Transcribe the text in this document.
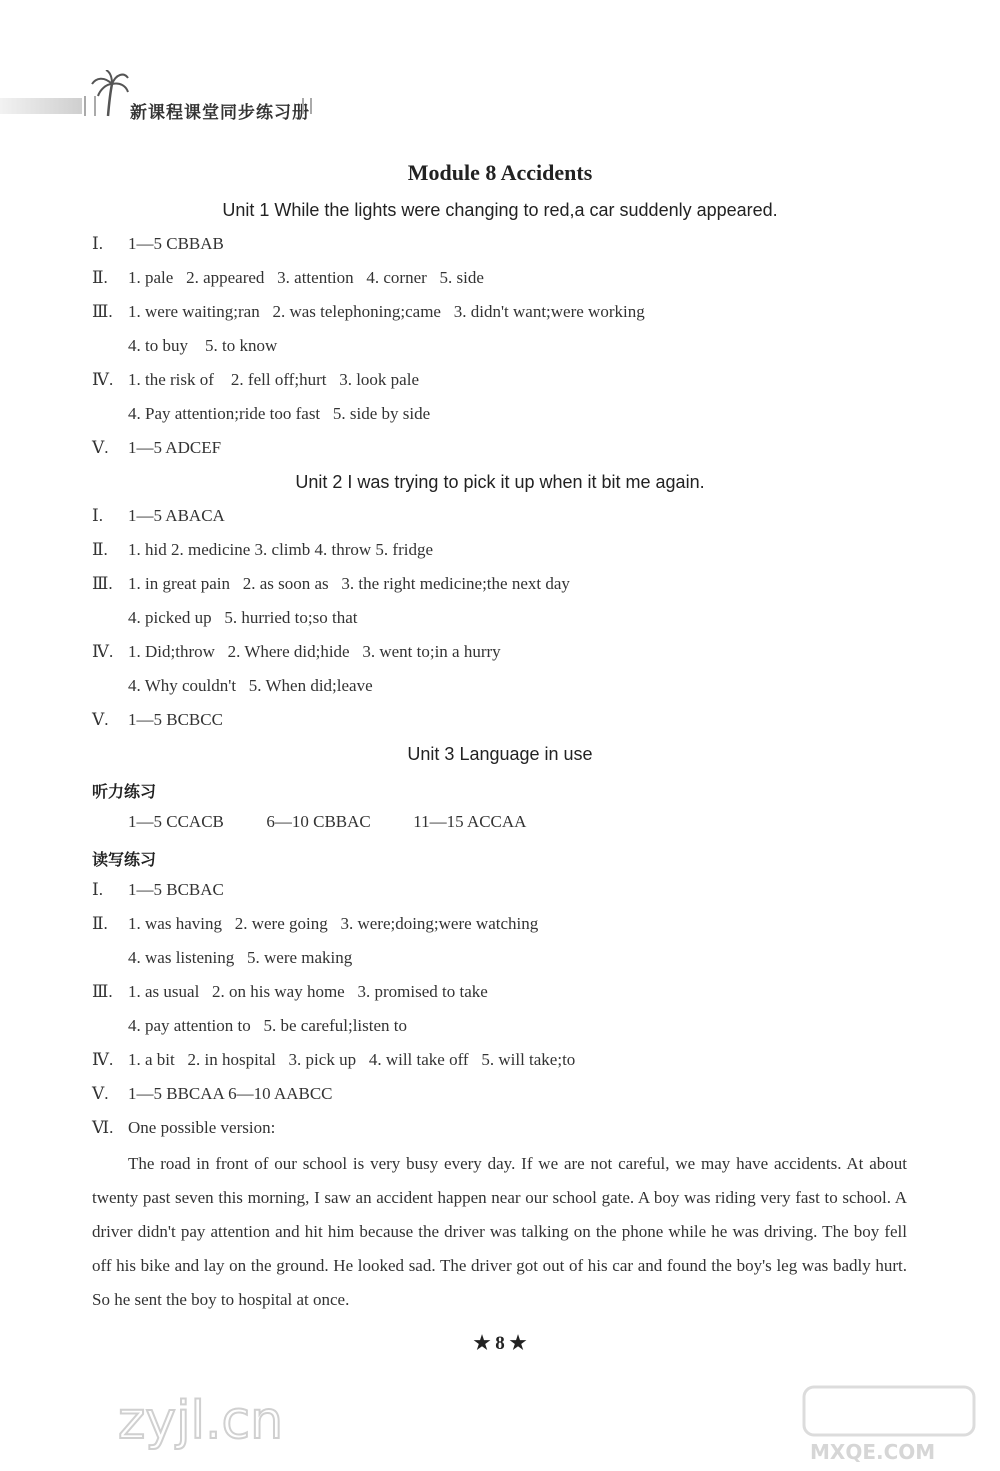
新课程课堂同步练习册
Module 8 Accidents
Unit 1 While the lights were changing to red,a car suddenly appeared.
Ⅰ. 1—5 CBBAB
Ⅱ. 1. pale   2. appeared   3. attention   4. corner   5. side
Ⅲ. 1. were waiting;ran   2. was telephoning;came   3. didn't want;were working
4. to buy    5. to know
Ⅳ. 1. the risk of    2. fell off;hurt   3. look pale
4. Pay attention;ride too fast   5. side by side
Ⅴ. 1—5 ADCEF
Unit 2 I was trying to pick it up when it bit me again.
Ⅰ. 1—5 ABACA
Ⅱ. 1. hid 2. medicine 3. climb 4. throw 5. fridge
Ⅲ. 1. in great pain   2. as soon as   3. the right medicine;the next day
4. picked up   5. hurried to;so that
Ⅳ. 1. Did;throw   2. Where did;hide   3. went to;in a hurry
4. Why couldn't   5. When did;leave
Ⅴ. 1—5 BCBCC
Unit 3 Language in use
听力练习
1—5 CCACB          6—10 CBBAC          11—15 ACCAA
读写练习
Ⅰ. 1—5 BCBAC
Ⅱ. 1. was having   2. were going   3. were;doing;were watching
4. was listening   5. were making
Ⅲ. 1. as usual   2. on his way home   3. promised to take
4. pay attention to   5. be careful;listen to
Ⅳ. 1. a bit   2. in hospital   3. pick up   4. will take off   5. will take;to
Ⅴ. 1—5 BBCAA 6—10 AABCC
Ⅵ. One possible version:
The road in front of our school is very busy every day. If we are not careful, we may have accidents. At about twenty past seven this morning, I saw an accident happen near our school gate. A boy was riding very fast to school. A driver didn't pay attention and hit him because the driver was talking on the phone while he was driving. The boy fell off his bike and lay on the ground. He looked sad. The driver got out of his car and found the boy's leg was badly hurt. So he sent the boy to hospital at once.
★ 8 ★
zyjl.cn
MXQE.COM
